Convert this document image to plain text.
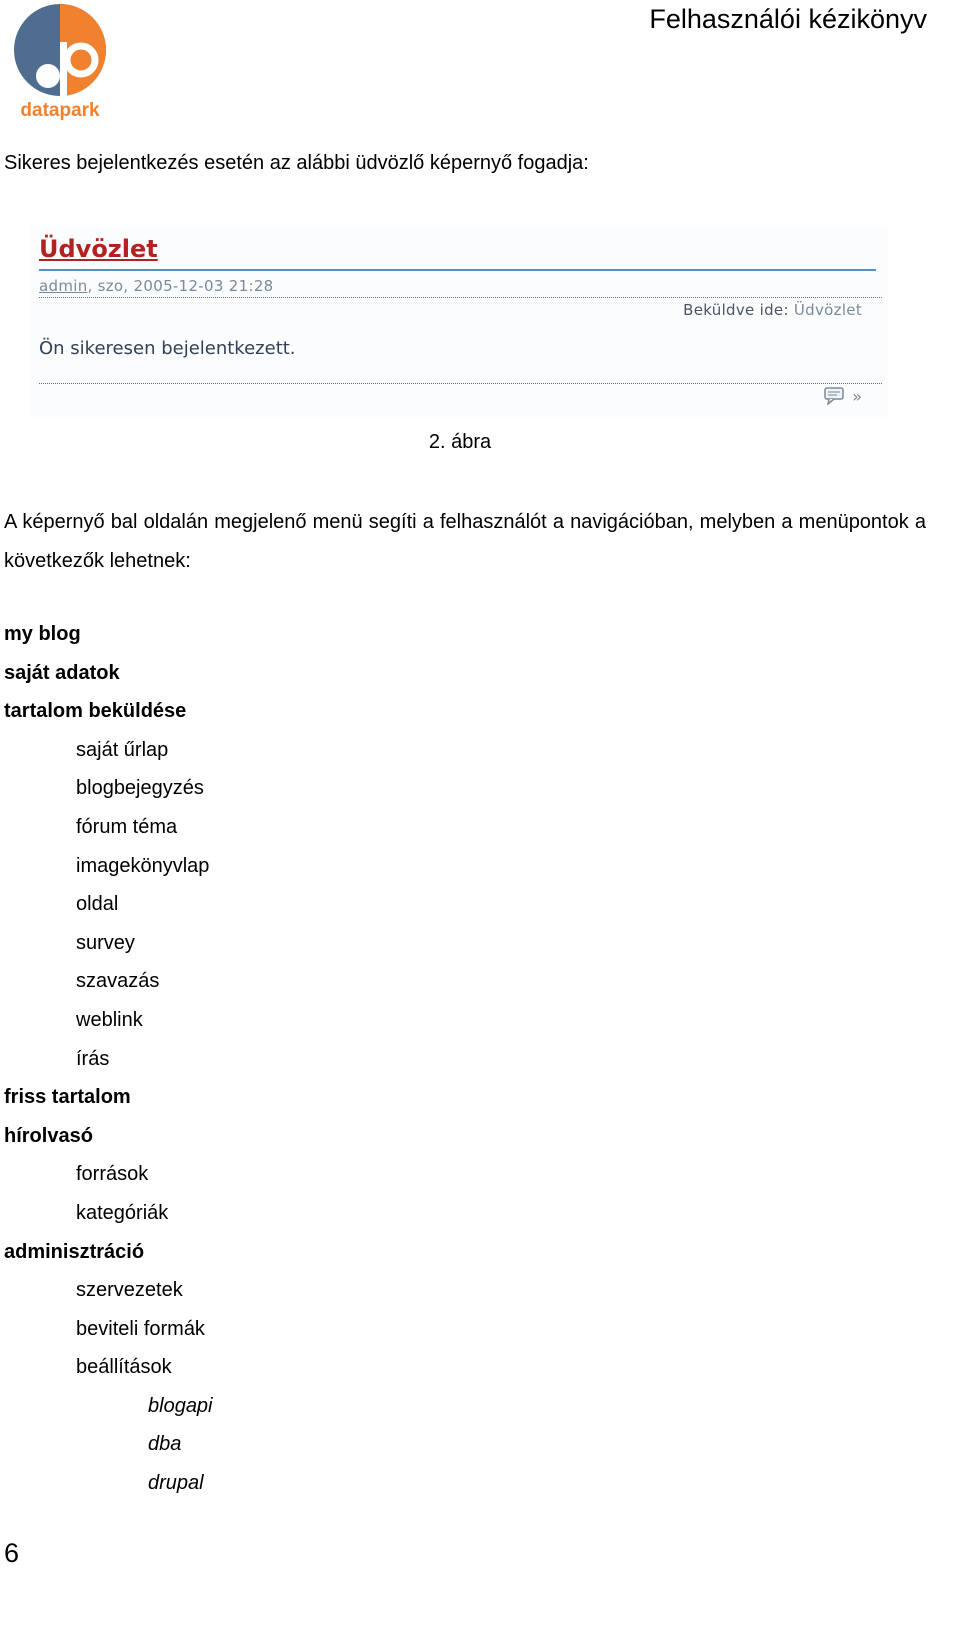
datapark
Felhasználói kézikönyv
Sikeres bejelentkezés esetén az alábbi üdvözlő képernyő fogadja:
Üdvözlet
admin, szo, 2005-12-03 21:28
Beküldve ide: Üdvözlet
Ön sikeresen bejelentkezett.
»
2. ábra
A képernyő bal oldalán megjelenő menü segíti a felhasználót a navigációban, melyben a menüpontok a következők lehetnek:
my blog
saját adatok
tartalom beküldése
saját űrlap
blogbejegyzés
fórum téma
imagekönyvlap
oldal
survey
szavazás
weblink
írás
friss tartalom
hírolvasó
források
kategóriák
adminisztráció
szervezetek
beviteli formák
beállítások
blogapi
dba
drupal
6
